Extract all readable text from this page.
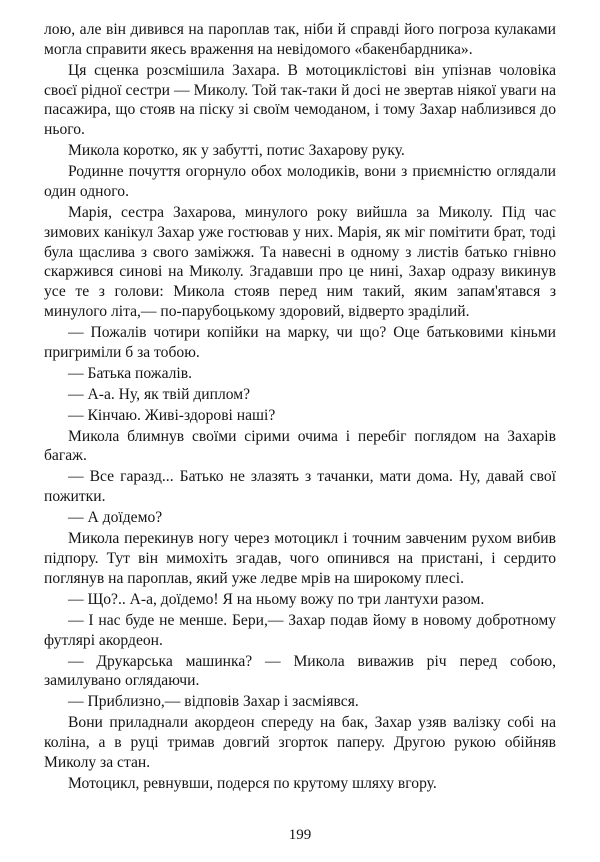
лою, але він дивився на пароплав так, ніби й справді його погроза кулаками могла справити якесь враження на невідомого «бакенбардника».

Ця сценка розсмішила Захара. В мотоциклістові він упізнав чоловіка своєї рідної сестри — Миколу. Той так-таки й досі не звертав ніякої уваги на пасажира, що стояв на піску зі своїм чемоданом, і тому Захар наблизився до нього.

Микола коротко, як у забутті, потис Захарову руку.

Родинне почуття огорнуло обох молодиків, вони з приємністю оглядали один одного.

Марія, сестра Захарова, минулого року вийшла за Миколу. Під час зимових канікул Захар уже гостював у них. Марія, як міг помітити брат, тоді була щаслива з свого заміжжя. Та навесні в одному з листів батько гнівно скаржився синові на Миколу. Згадавши про це нині, Захар одразу викинув усе те з голови: Микола стояв перед ним такий, яким запам'ятався з минулого літа,— по-парубоцькому здоровий, відверто зраділий.

— Пожалів чотири копійки на марку, чи що? Оце батьковими кіньми пригриміли б за тобою.

— Батька пожалів.

— А-а. Ну, як твій диплом?

— Кінчаю. Живі-здорові наші?

Микола блимнув своїми сірими очима і перебіг поглядом на Захарів багаж.

— Все гаразд... Батько не злазять з тачанки, мати дома. Ну, давай свої пожитки.

— А доїдемо?

Микола перекинув ногу через мотоцикл і точним завченим рухом вибив підпору. Тут він мимохіть згадав, чого опинився на пристані, і сердито поглянув на пароплав, який уже ледве мрів на широкому плесі.

— Що?.. А-а, доїдемо! Я на ньому вожу по три лантухи разом.

— І нас буде не менше. Бери,— Захар подав йому в новому добротному футлярі акордеон.

— Друкарська машинка? — Микола виважив річ перед собою, замилувано оглядаючи.

— Приблизно,— відповів Захар і засміявся.

Вони приладнали акордеон спереду на бак, Захар узяв валізку собі на коліна, а в руці тримав довгий згорток паперу. Другою рукою обійняв Миколу за стан.

Мотоцикл, ревнувши, подерся по крутому шляху вгору.

199
